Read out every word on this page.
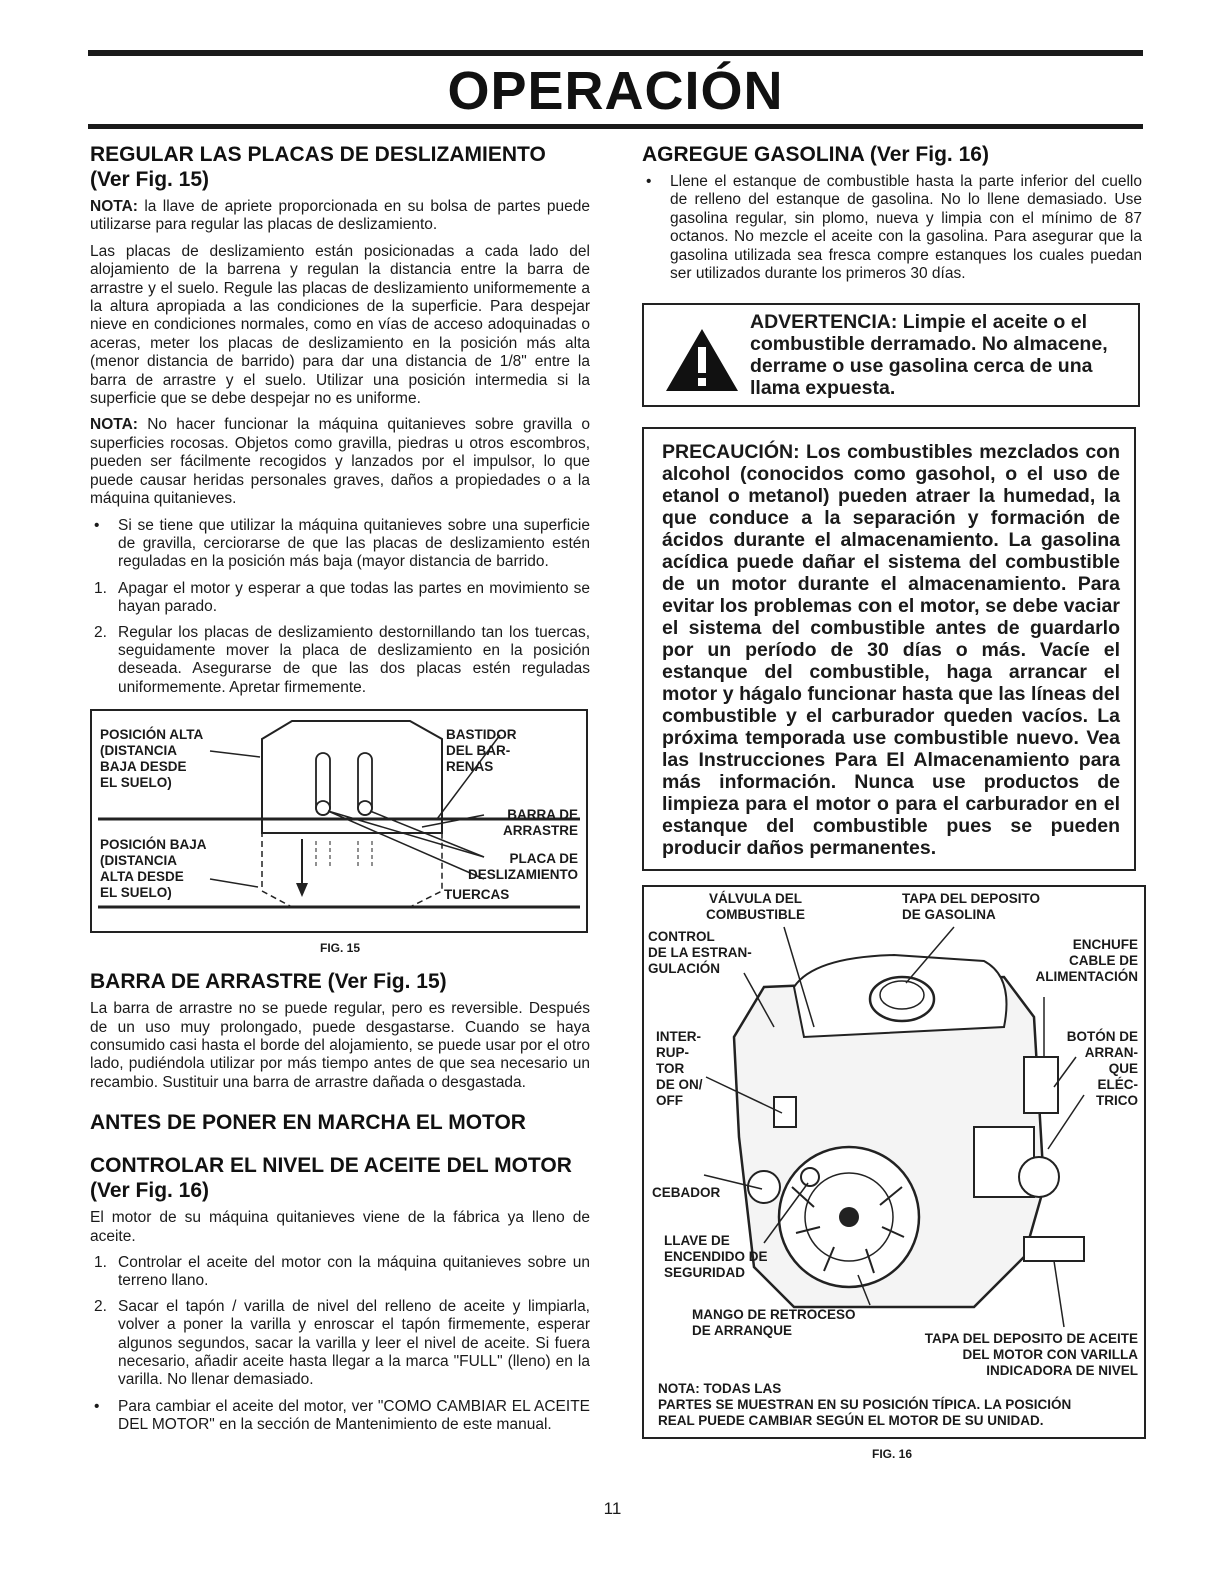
OPERACIÓN
REGULAR LAS PLACAS DE DESLIZAMIENTO (Ver Fig. 15)

NOTA: la llave de apriete proporcionada en su bolsa de partes puede utilizarse para regular las placas de deslizamiento.

Las placas de deslizamiento están posicionadas a cada lado del alojamiento de la barrena y regulan la distancia entre la barra de arrastre y el suelo. Regule las placas de deslizamiento uniformemente a la altura apropiada a las condiciones de la superficie. Para despejar nieve en condiciones normales, como en vías de acceso adoquinadas o aceras, meter los placas de deslizamiento en la posición más alta (menor distancia de barrido) para dar una distancia de 1/8" entre la barra de arrastre y el suelo. Utilizar una posición intermedia si la superficie que se debe despejar no es uniforme.

NOTA: No hacer funcionar la máquina quitanieves sobre gravilla o superficies rocosas. Objetos como gravilla, piedras u otros escombros, pueden ser fácilmente recogidos y lanzados por el impulsor, lo que puede causar heridas personales graves, daños a propiedades o a la máquina quitanieves.

• Si se tiene que utilizar la máquina quitanieves sobre una superficie de gravilla, cerciorarse de que las placas de deslizamiento estén reguladas en la posición más baja (mayor distancia de barrido.
1. Apagar el motor y esperar a que todas las partes en movimiento se hayan parado.
2. Regular los placas de deslizamiento destornillando tan los tuercas, seguidamente mover la placa de deslizamiento en la posición deseada. Asegurarse de que las dos placas estén reguladas uniformemente. Apretar firmemente.
POSICIÓN ALTA
(DISTANCIA
BAJA DESDE
EL SUELO)
POSICIÓN BAJA
(DISTANCIA
ALTA DESDE
EL SUELO)
BASTIDOR
DEL BAR-
RENAS
BARRA DE
ARRASTRE
PLACA DE
DESLIZAMIENTO
TUERCAS
FIG. 15
BARRA DE ARRASTRE (Ver Fig. 15)

La barra de arrastre no se puede regular, pero es reversible. Después de un uso muy prolongado, puede desgastarse. Cuando se haya consumido casi hasta el borde del alojamiento, se puede usar por el otro lado, pudiéndola utilizar por más tiempo antes de que sea necesario un recambio. Sustituir una barra de arrastre dañada o desgastada.

ANTES DE PONER EN MARCHA EL MOTOR
CONTROLAR EL NIVEL DE ACEITE DEL MOTOR (Ver Fig. 16)

El motor de su máquina quitanieves viene de la fábrica ya lleno de aceite.

1. Controlar el aceite del motor con la máquina quitanieves sobre un terreno llano.
2. Sacar el tapón / varilla de nivel del relleno de aceite y limpiarla, volver a poner la varilla y enroscar el tapón firmemente, esperar algunos segundos, sacar la varilla y leer el nivel de aceite. Si fuera necesario, añadir aceite hasta llegar a la marca "FULL" (lleno) en la varilla. No llenar demasiado.
• Para cambiar el aceite del motor, ver "COMO CAMBIAR EL ACEITE DEL MOTOR" en la sección de Mantenimiento de este manual.
AGREGUE GASOLINA (Ver Fig. 16)
• Llene el estanque de combustible hasta la parte inferior del cuello de relleno del estanque de gasolina. No lo llene demasiado. Use gasolina regular, sin plomo, nueva y limpia con el mínimo de 87 octanos. No mezcle el aceite con la gasolina. Para asegurar que la gasolina utilizada sea fresca compre estanques los cuales puedan ser utilizados durante los primeros 30 días.
ADVERTENCIA: Limpie el aceite o el combustible derramado. No almacene, derrame o use gasolina cerca de una llama expuesta.
PRECAUCIÓN: Los combustibles mezclados con alcohol (conocidos como gasohol, o el uso de etanol o metanol) pueden atraer la humedad, la que conduce a la separación y formación de ácidos durante el almacenamiento. La gasolina acídica puede dañar el sistema del combustible de un motor durante el almacenamiento. Para evitar los problemas con el motor, se debe vaciar el sistema del combustible antes de guardarlo por un período de 30 días o más. Vacíe el estanque del combustible, haga arrancar el motor y hágalo funcionar hasta que las líneas del combustible y el carburador queden vacíos. La próxima temporada use combustible nuevo. Vea las Instrucciones Para El Almacenamiento para más información. Nunca use productos de limpieza para el motor o para el carburador en el estanque del combustible pues se pueden producir daños permanentes.
VÁLVULA DEL
COMBUSTIBLE
TAPA DEL DEPOSITO
DE GASOLINA
CONTROL
DE LA ESTRAN-
GULACIÓN
ENCHUFE
CABLE DE
ALIMENTACIÓN
INTER-
RUP-
TOR
DE ON/
OFF
BOTÓN DE
ARRAN-
QUE
ELÉC-
TRICO
CEBADOR
LLAVE DE
ENCENDIDO DE
SEGURIDAD
MANGO DE RETROCESO
DE ARRANQUE
TAPA DEL DEPOSITO DE ACEITE
DEL MOTOR CON VARILLA
INDICADORA DE NIVEL
NOTA: TODAS LAS
PARTES SE MUESTRAN EN SU POSICIÓN TÍPICA. LA POSICIÓN
REAL PUEDE CAMBIAR SEGÚN EL MOTOR DE SU UNIDAD.
FIG. 16
11
